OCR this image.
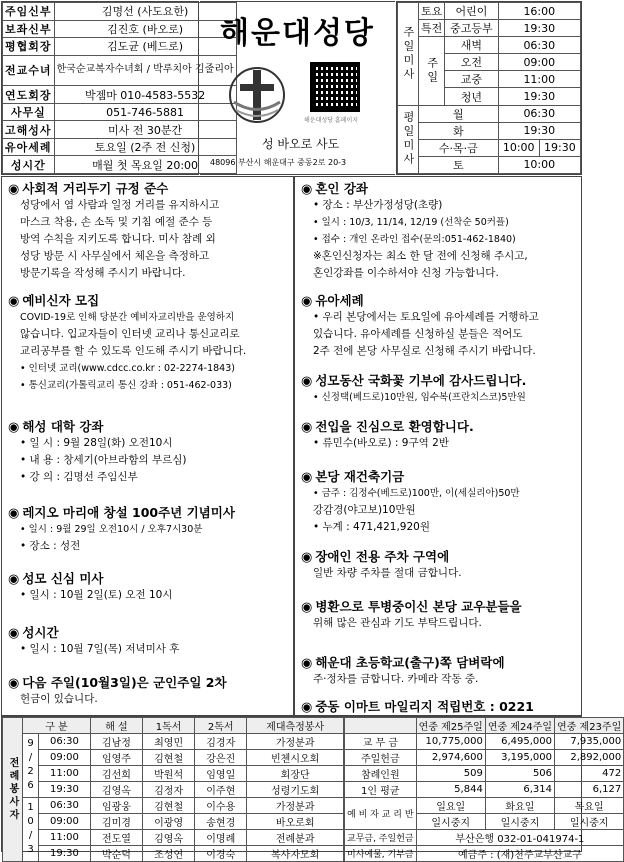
주임신부	김명선 (사도요한)
보좌신부	김진호 (바오로)
평협회장	김도균 (베드로)
전교수녀	한국순교복자수녀회 / 박루치아 김줄리아
연도회장	박젬마 010-4583-5532
사무실	051-746-5881
고해성사	미사 전 30분간
유아세례	토요일 (2주 전 신청)
성시간	매월 첫 목요일 20:00
해운대성당
해운대성당 홈페이지
성 바오로 사도
48096 부산시 해운대구 중동2로 20-3
주일미사	토요	어린이	16:00	
	특전	중고등부	19:30	
	주일	새벽	06:30	
		오전	09:00	
		교중	11:00	
		청년	19:30	
평일미사	월		06:30	
	화		19:30	
	수·목·금		10:00	19:30
	토		10:00	
◉ 사회적 거리두기 규정 준수
성당에서 염 사람과 일정 거리를 유지하시고
마스크 착용, 손 소독 및 기침 예절 준수 등
방역 수칙을 지키도록 합니다. 미사 참례 외
성당 방문 시 사무실에서 체온을 측정하고
방문기록을 작성해 주시기 바랍니다.
◉ 예비신자 모집
COVID-19로 인해 당분간 예비자교리반을 운영하지
않습니다. 입교자들이 인터넷 교리나 통신교리로
교리공부를 할 수 있도록 인도해 주시기 바랍니다.
• 인터넷 교리(www.cdcc.co.kr : 02-2274-1843)
• 통신교리(가톨릭교리 통신 강좌 : 051-462-033)
◉ 해성 대학 강좌
• 일 시 : 9월 28일(화) 오전10시
• 내 용 : 창세기(아브라함의 부르심)
• 강 의 : 김명선 주임신부
◉ 레지오 마리애 창설 100주년 기념미사
• 일시 : 9월 29일 오전10시 / 오후7시30분
• 장소 : 성전
◉ 성모 신심 미사
• 일시 : 10월 2일(토) 오전 10시
◉ 성시간
• 일시 : 10월 7일(목) 저녁미사 후
◉ 다음 주일(10월3일)은 군인주일 2차
헌금이 있습니다.
◉ 혼인 강좌
• 장소 : 부산가정성당(초량)
• 일시 : 10/3, 11/14, 12/19 (선착순 50커플)
• 접수 : 개인 온라인 접수(문의:051-462-1840)
※혼인신청자는 최소 한 달 전에 신청해 주시고,
혼인강좌를 이수하셔야 신청 가능합니다.
◉ 유아세례
• 우리 본당에서는 토요일에 유아세례를 거행하고
있습니다. 유아세례를 신청하실 분들은 적어도
2주 전에 본당 사무실로 신청해 주시기 바랍니다.
◉ 성모동산 국화꽃 기부에 감사드립니다.
• 신정택(베드로)10만원, 임수복(프란치스코)5만원
◉ 전입을 진심으로 환영합니다.
• 류민수(바오로) : 9구역 2반
◉ 본당 재건축기금
• 금주 : 김정수(베드로)100만, 이(세실리아)50만
강감경(야고보)10만원
• 누계 : 471,421,920원
◉ 장애인 전용 주차 구역에
일반 차량 주차를 절대 금합니다.
◉ 병환으로 투병중이신 본당 교우분들을
위해 많은 관심과 기도 부탁드립니다.
◉ 해운대 초등학교(출구)쪽 담벼락에
주·정차를 금합니다. 카메라 작동 중.
◉ 중동 이마트 마일리지 적립번호 : 0221
전례봉사자	구 분		해 설	1독서	2독서	제대측정봉사
	9/26	06:30	김남정	최영민	김경자	가정분과
		09:00	임영주	김현철	강은진	빈첸시오회
		11:00	김선희	박원석	임영일	회장단
		19:30	김영옥	김정자	이주현	성령기도회
	10/3	06:30	임광웅	김현철	이수용	가정분과
		09:00	김미경	이광영	송현경	바오로회
		11:00	전도열	김영옥	이명례	전례분과
		19:30	박순덕	조성연	이경숙	복사자모회
	연중 제25주일	연중 제24주일	연중 제23주일
교 무 금	10,775,000	6,495,000	7,935,000
주일헌금	2,974,600	3,195,000	2,892,000
참례인원	509	506	472
1인 평균	5,844	6,314	6,127
예 비 자 교 리 반	일요일	화요일	목요일
	일시중지	일시중지	일시중지
교무금, 주일헌금	부산은행 032-01-041974-1		
미사예물, 기부금	예금주 : (재)천주교부산교구		
